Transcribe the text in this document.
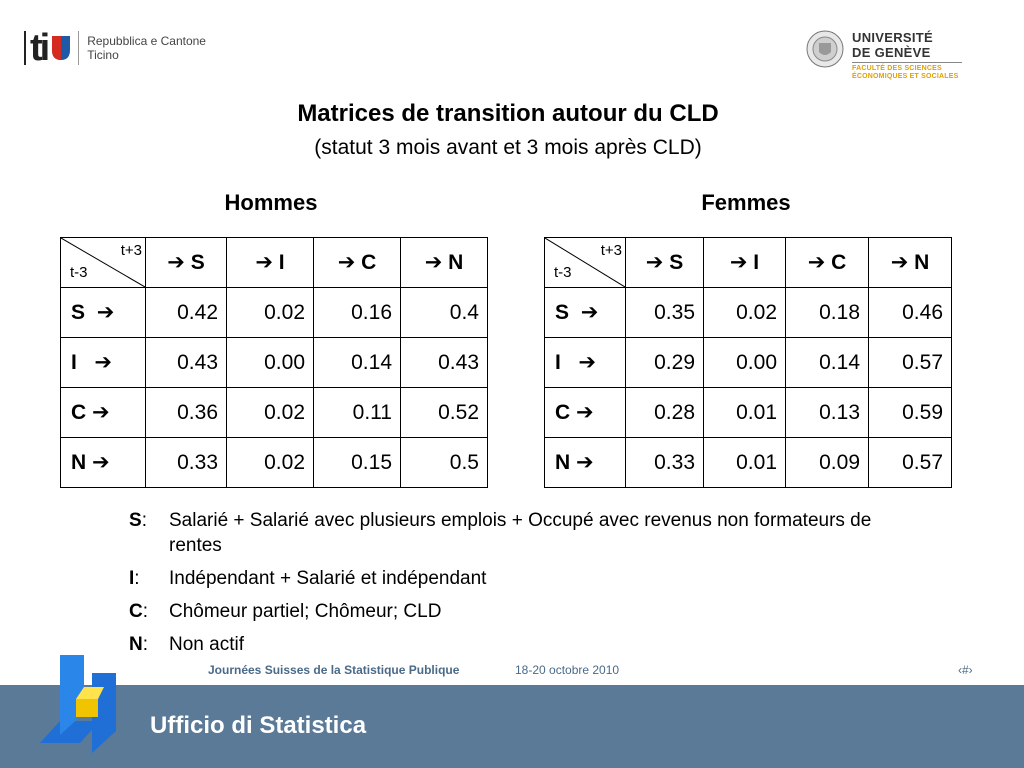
ti	Repubblica e Cantone
Ticino
UNIVERSITÉ
DE GENÈVE
FACULTÉ DES SCIENCES
ÉCONOMIQUES ET SOCIALES
Matrices de transition autour du CLD
(statut 3 mois avant et 3 mois après CLD)
Hommes	Femmes
t+3
t-3	➔ S	➔ I	➔ C	➔ N
S ➔	0.42	0.02	0.16	0.4
I ➔	0.43	0.00	0.14	0.43
C ➔	0.36	0.02	0.11	0.52
N ➔	0.33	0.02	0.15	0.5
t+3
t-3	➔ S	➔ I	➔ C	➔ N
S ➔	0.35	0.02	0.18	0.46
I ➔	0.29	0.00	0.14	0.57
C ➔	0.28	0.01	0.13	0.59
N ➔	0.33	0.01	0.09	0.57
S:	Salarié + Salarié avec plusieurs emplois + Occupé avec revenus non formateurs de rentes
I:	Indépendant + Salarié et indépendant
C:	Chômeur partiel; Chômeur; CLD
N:	Non actif
Journées Suisses de la Statistique Publique	18-20 octobre 2010	‹#›
Ufficio di Statistica
